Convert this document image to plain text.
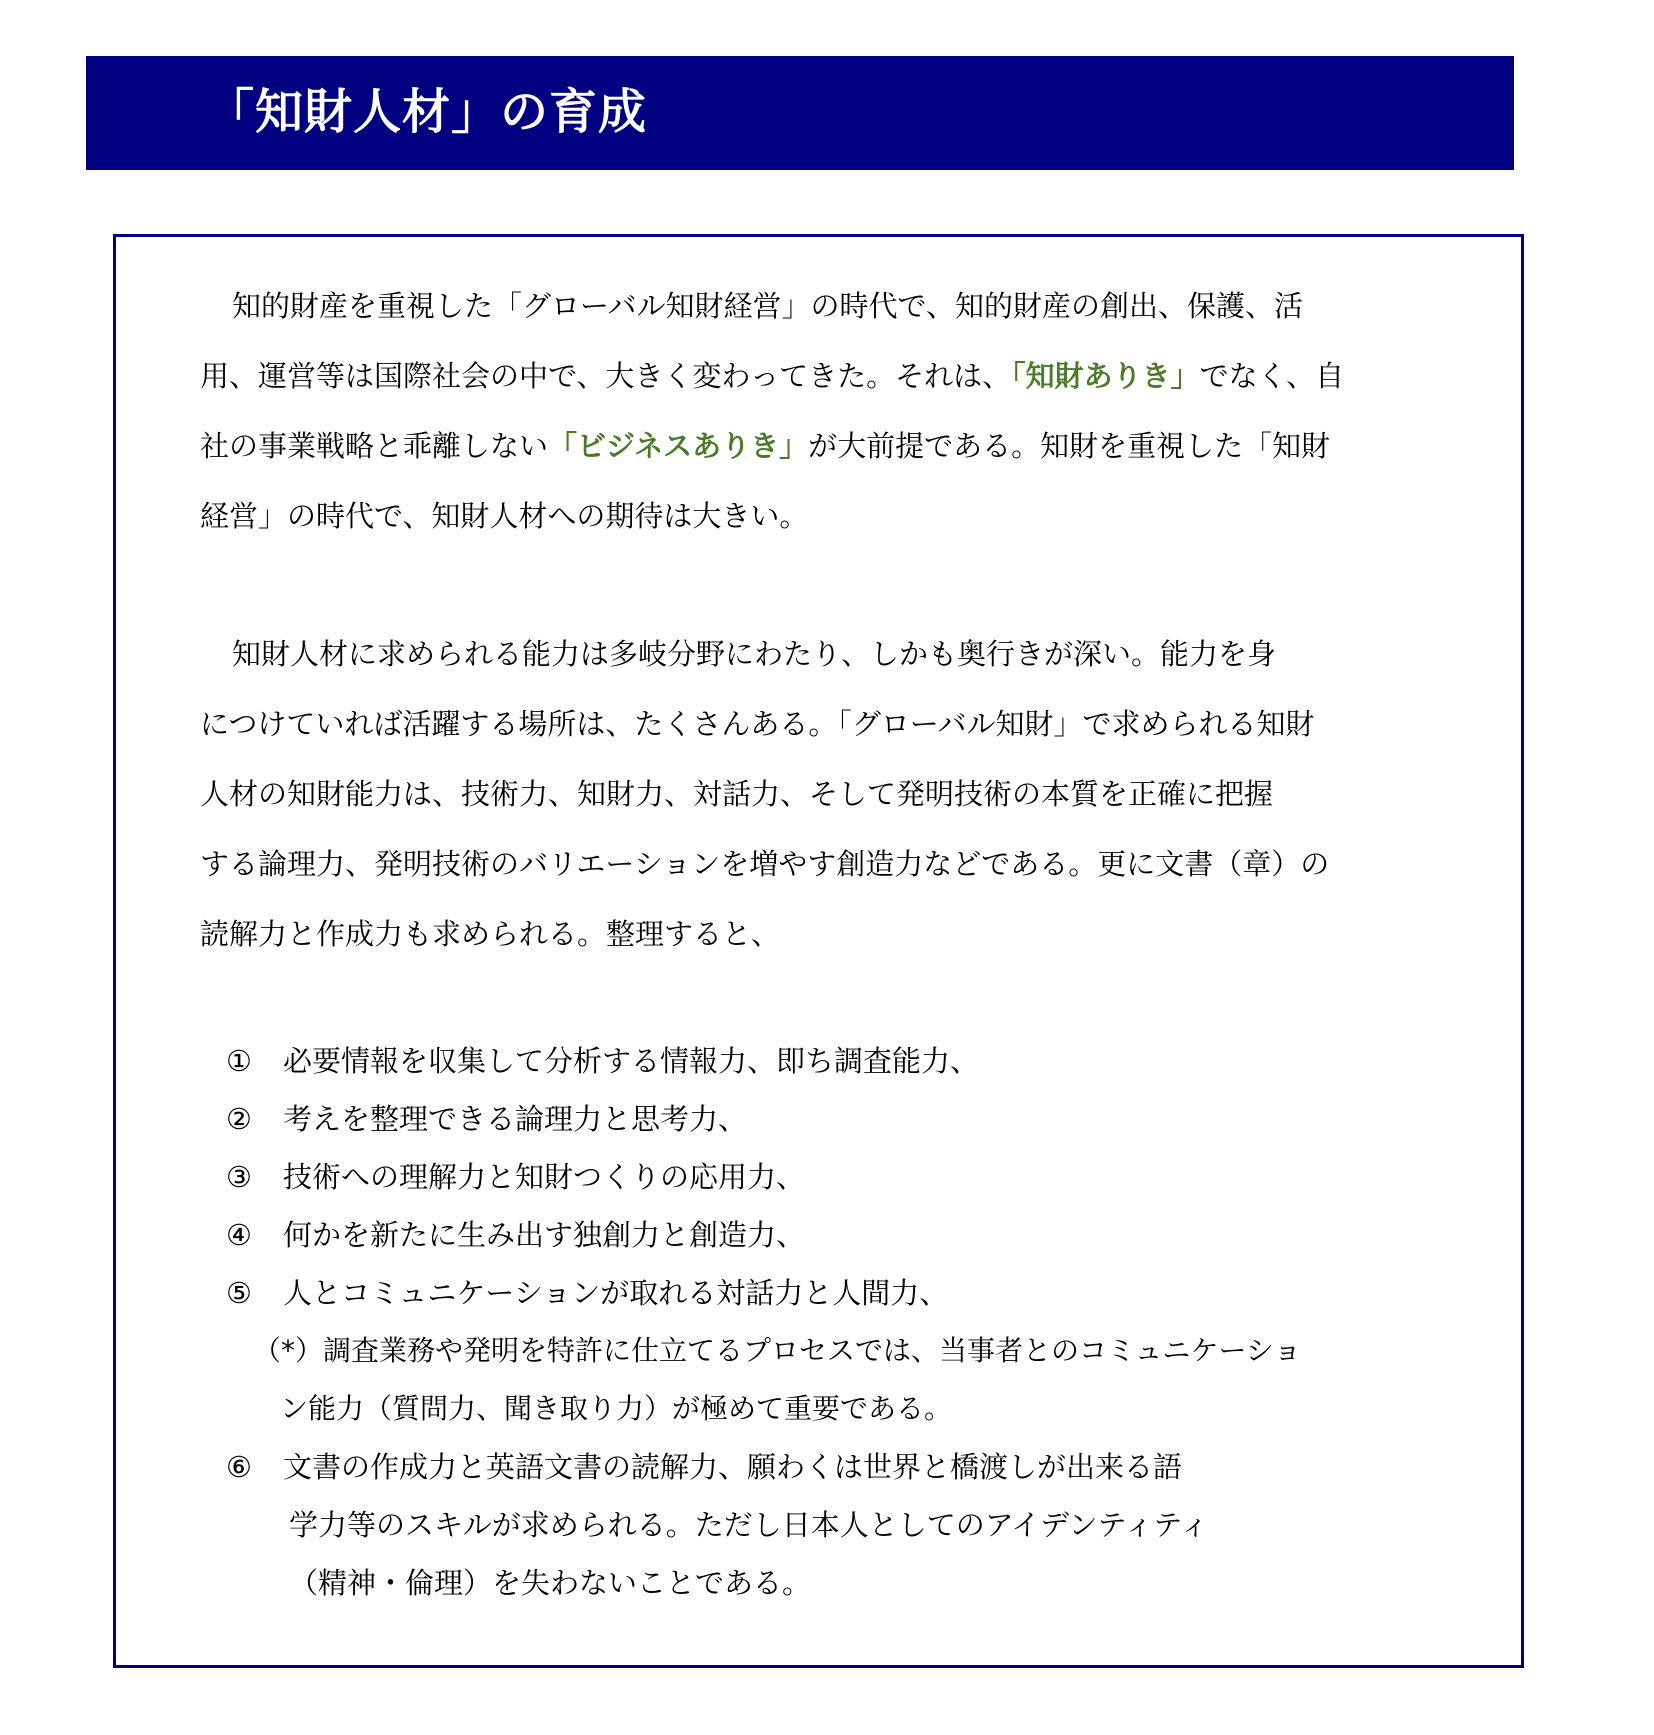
「知財人材」の育成
知的財産を重視した「グローバル知財経営」の時代で、知的財産の創出、保護、活
用、運営等は国際社会の中で、大きく変わってきた。それは、「知財ありき」でなく、自
社の事業戦略と乖離しない「ビジネスありき」が大前提である。知財を重視した「知財
経営」の時代で、知財人材への期待は大きい。
知財人材に求められる能力は多岐分野にわたり、しかも奥行きが深い。能力を身
につけていれば活躍する場所は、たくさんある。「グローバル知財」で求められる知財
人材の知財能力は、技術力、知財力、対話力、そして発明技術の本質を正確に把握
する論理力、発明技術のバリエーションを増やす創造力などである。更に文書（章）の
読解力と作成力も求められる。整理すると、
① 必要情報を収集して分析する情報力、即ち調査能力、
② 考えを整理できる論理力と思考力、
③ 技術への理解力と知財つくりの応用力、
④ 何かを新たに生み出す独創力と創造力、
⑤ 人とコミュニケーションが取れる対話力と人間力、
（*）調査業務や発明を特許に仕立てるプロセスでは、当事者とのコミュニケーショ
ン能力（質問力、聞き取り力）が極めて重要である。
⑥ 文書の作成力と英語文書の読解力、願わくは世界と橋渡しが出来る語
学力等のスキルが求められる。ただし日本人としてのアイデンティティ
（精神・倫理）を失わないことである。
